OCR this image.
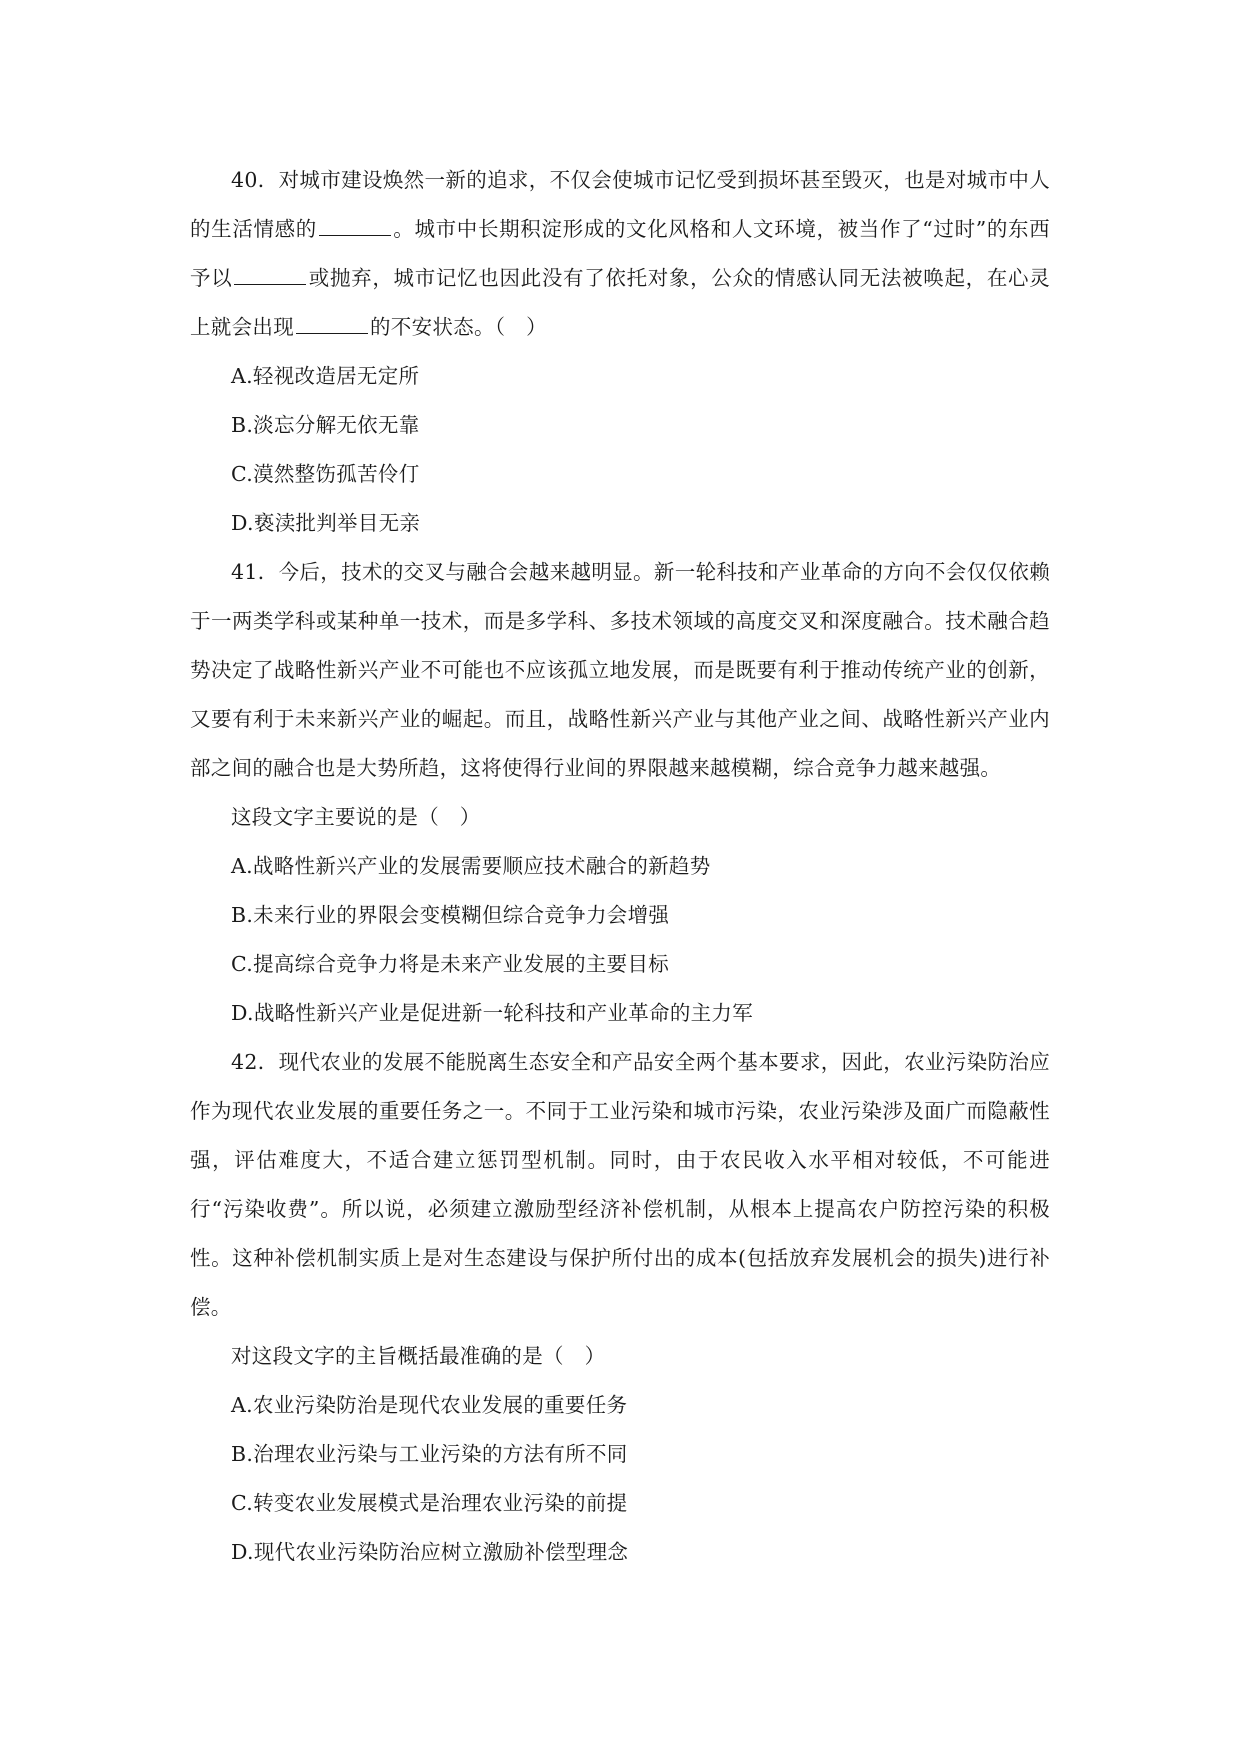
40．对城市建设焕然一新的追求，不仅会使城市记忆受到损坏甚至毁灭，也是对城市中人的生活情感的	。城市中长期积淀形成的文化风格和人文环境，被当作了“过时”的东西予以	或抛弃，城市记忆也因此没有了依托对象，公众的情感认同无法被唤起，在心灵上就会出现	的不安状态。（　）

A.轻视改造居无定所

B.淡忘分解无依无靠

C.漠然整饬孤苦伶仃

D.亵渎批判举目无亲

41．今后，技术的交叉与融合会越来越明显。新一轮科技和产业革命的方向不会仅仅依赖于一两类学科或某种单一技术，而是多学科、多技术领域的高度交叉和深度融合。技术融合趋势决定了战略性新兴产业不可能也不应该孤立地发展，而是既要有利于推动传统产业的创新，又要有利于未来新兴产业的崛起。而且，战略性新兴产业与其他产业之间、战略性新兴产业内部之间的融合也是大势所趋，这将使得行业间的界限越来越模糊，综合竞争力越来越强。

这段文字主要说的是（　）

A.战略性新兴产业的发展需要顺应技术融合的新趋势

B.未来行业的界限会变模糊但综合竞争力会增强

C.提高综合竞争力将是未来产业发展的主要目标

D.战略性新兴产业是促进新一轮科技和产业革命的主力军

42．现代农业的发展不能脱离生态安全和产品安全两个基本要求，因此，农业污染防治应作为现代农业发展的重要任务之一。不同于工业污染和城市污染，农业污染涉及面广而隐蔽性强，评估难度大，不适合建立惩罚型机制。同时，由于农民收入水平相对较低，不可能进行“污染收费”。所以说，必须建立激励型经济补偿机制，从根本上提高农户防控污染的积极性。这种补偿机制实质上是对生态建设与保护所付出的成本(包括放弃发展机会的损失)进行补偿。

对这段文字的主旨概括最准确的是（　）

A.农业污染防治是现代农业发展的重要任务

B.治理农业污染与工业污染的方法有所不同

C.转变农业发展模式是治理农业污染的前提

D.现代农业污染防治应树立激励补偿型理念
